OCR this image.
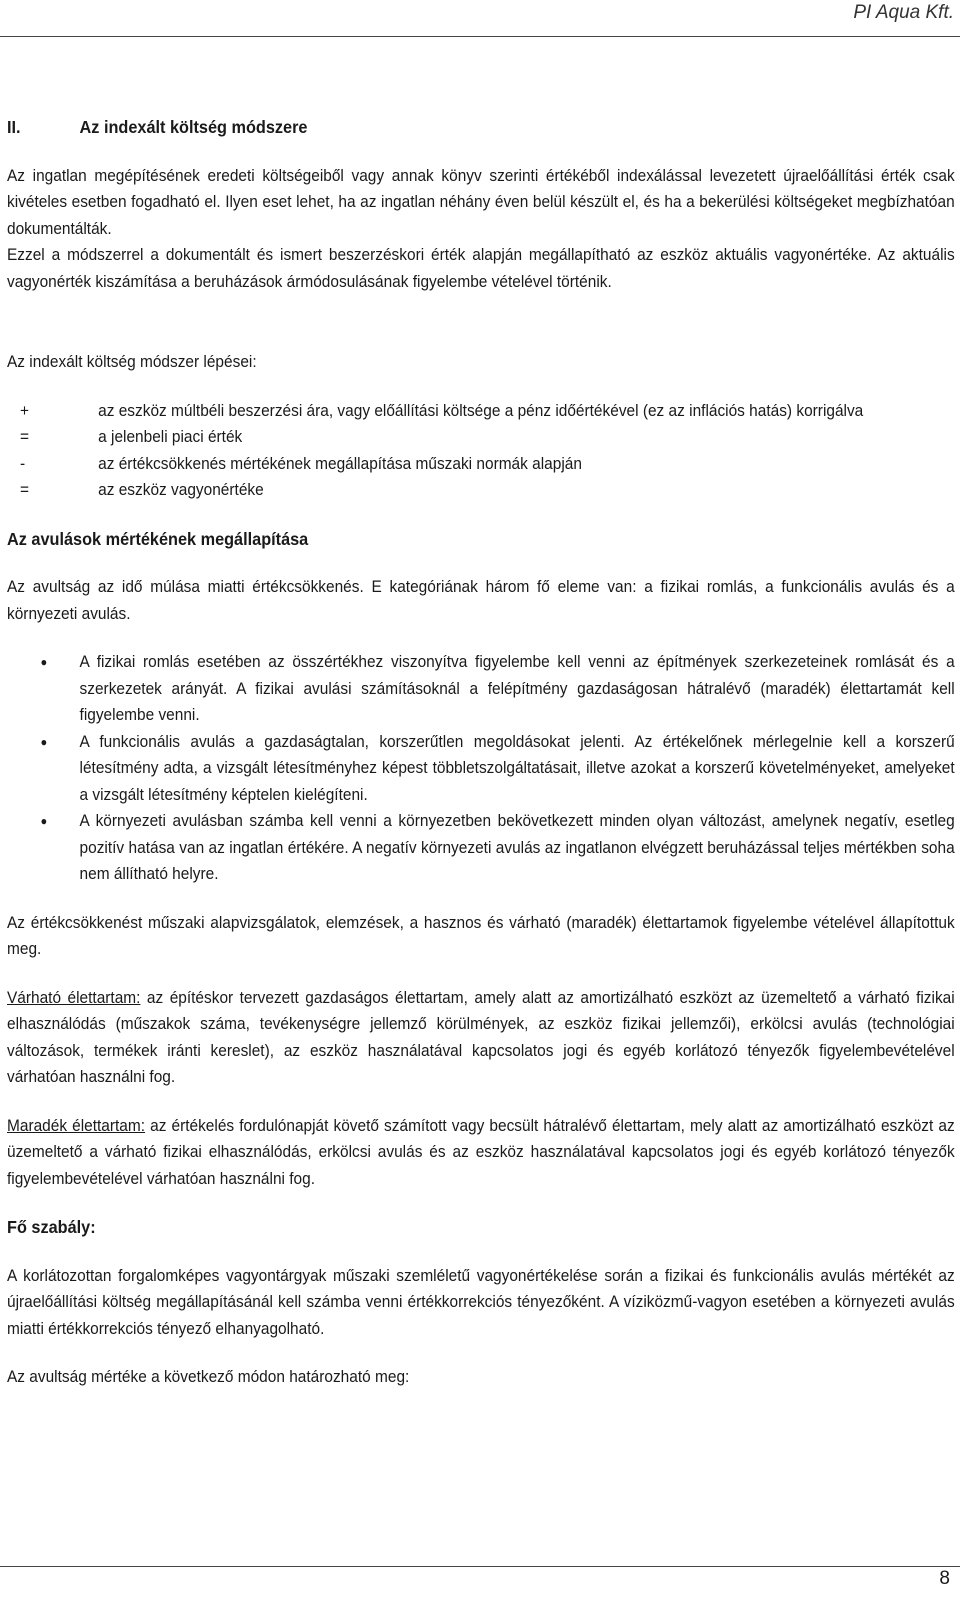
PI Aqua Kft.
II.	Az indexált költség módszere

Az ingatlan megépítésének eredeti költségeiből vagy annak könyv szerinti értékéből indexálással levezetett újraelőállítási érték csak kivételes esetben fogadható el. Ilyen eset lehet, ha az ingatlan néhány éven belül készült el, és ha a bekerülési költségeket megbízhatóan dokumentálták.

Ezzel a módszerrel a dokumentált és ismert beszerzéskori érték alapján megállapítható az eszköz aktuális vagyonértéke. Az aktuális vagyonérték kiszámítása a beruházások ármódosulásának figyelembe vételével történik.

Az indexált költség módszer lépései:

+	az eszköz múltbéli beszerzési ára, vagy előállítási költsége a pénz időértékével (ez az inflációs hatás) korrigálva
=	a jelenbeli piaci érték
-	az értékcsökkenés mértékének megállapítása műszaki normák alapján
=	az eszköz vagyonértéke
Az avulások mértékének megállapítása

Az avultság az idő múlása miatti értékcsökkenés. E kategóriának három fő eleme van: a fizikai romlás, a funkcionális avulás és a környezeti avulás.

●	A fizikai romlás esetében az összértékhez viszonyítva figyelembe kell venni az építmények szerkezeteinek romlását és a szerkezetek arányát. A fizikai avulási számításoknál a felépítmény gazdaságosan hátralévő (maradék) élettartamát kell figyelembe venni.
●	A funkcionális avulás a gazdaságtalan, korszerűtlen megoldásokat jelenti. Az értékelőnek mérlegelnie kell a korszerű létesítmény adta, a vizsgált létesítményhez képest többletszolgáltatásait, illetve azokat a korszerű követelményeket, amelyeket a vizsgált létesítmény képtelen kielégíteni.
●	A környezeti avulásban számba kell venni a környezetben bekövetkezett minden olyan változást, amelynek negatív, esetleg pozitív hatása van az ingatlan értékére. A negatív környezeti avulás az ingatlanon elvégzett beruházással teljes mértékben soha nem állítható helyre.

Az értékcsökkenést műszaki alapvizsgálatok, elemzések, a hasznos és várható (maradék) élettartamok figyelembe vételével állapítottuk meg.

Várható élettartam: az építéskor tervezett gazdaságos élettartam, amely alatt az amortizálható eszközt az üzemeltető a várható fizikai elhasználódás (műszakok száma, tevékenységre jellemző körülmények, az eszköz fizikai jellemzői), erkölcsi avulás (technológiai változások, termékek iránti kereslet), az eszköz használatával kapcsolatos jogi és egyéb korlátozó tényezők figyelembevételével várhatóan használni fog.

Maradék élettartam: az értékelés fordulónapját követő számított vagy becsült hátralévő élettartam, mely alatt az amortizálható eszközt az üzemeltető a várható fizikai elhasználódás, erkölcsi avulás és az eszköz használatával kapcsolatos jogi és egyéb korlátozó tényezők figyelembevételével várhatóan használni fog.

Fő szabály:

A korlátozottan forgalomképes vagyontárgyak műszaki szemléletű vagyonértékelése során a fizikai és funkcionális avulás mértékét az újraelőállítási költség megállapításánál kell számba venni értékkorrekciós tényezőként. A víziközmű-vagyon esetében a környezeti avulás miatti értékkorrekciós tényező elhanyagolható.

Az avultság mértéke a következő módon határozható meg:

8
